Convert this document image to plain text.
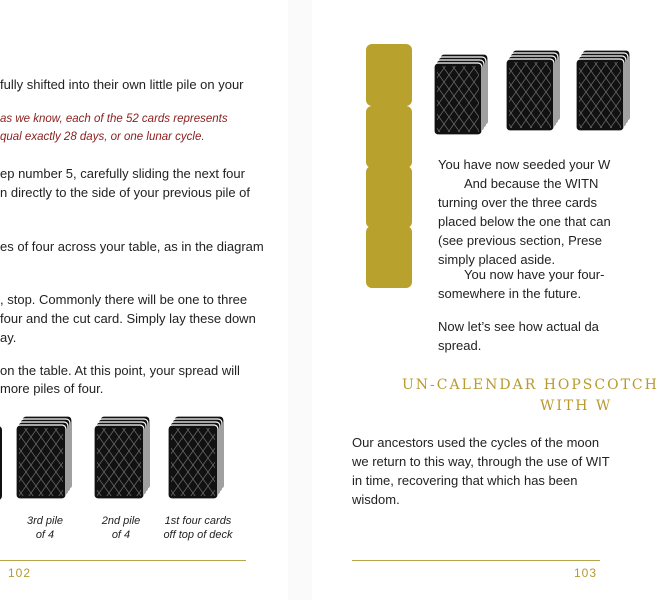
fully shifted into their own little pile on your

as we know, each of the 52 cards represents

qual exactly 28 days, or one lunar cycle.

ep number 5, carefully sliding the next four

n directly to the side of your previous pile of

es of four across your table, as in the diagram

, stop. Commonly there will be one to three

four and the cut card. Simply lay these down

ay.

on the table. At this point, your spread will

more piles of four.

3rd pile
of 4
2nd pile
of 4
1st four cards
off top of deck
102

You have now seeded your W

And because the WITN

turning over the three cards

placed below the one that can

(see previous section, Prese

simply placed aside.

You now have your four-

somewhere in the future.

Now let’s see how actual da

spread.

UN-CALENDAR HOPSCOTCH
WITH W

Our ancestors used the cycles of the moon

we return to this way, through the use of WIT

in time, recovering that which has been

wisdom.

103
